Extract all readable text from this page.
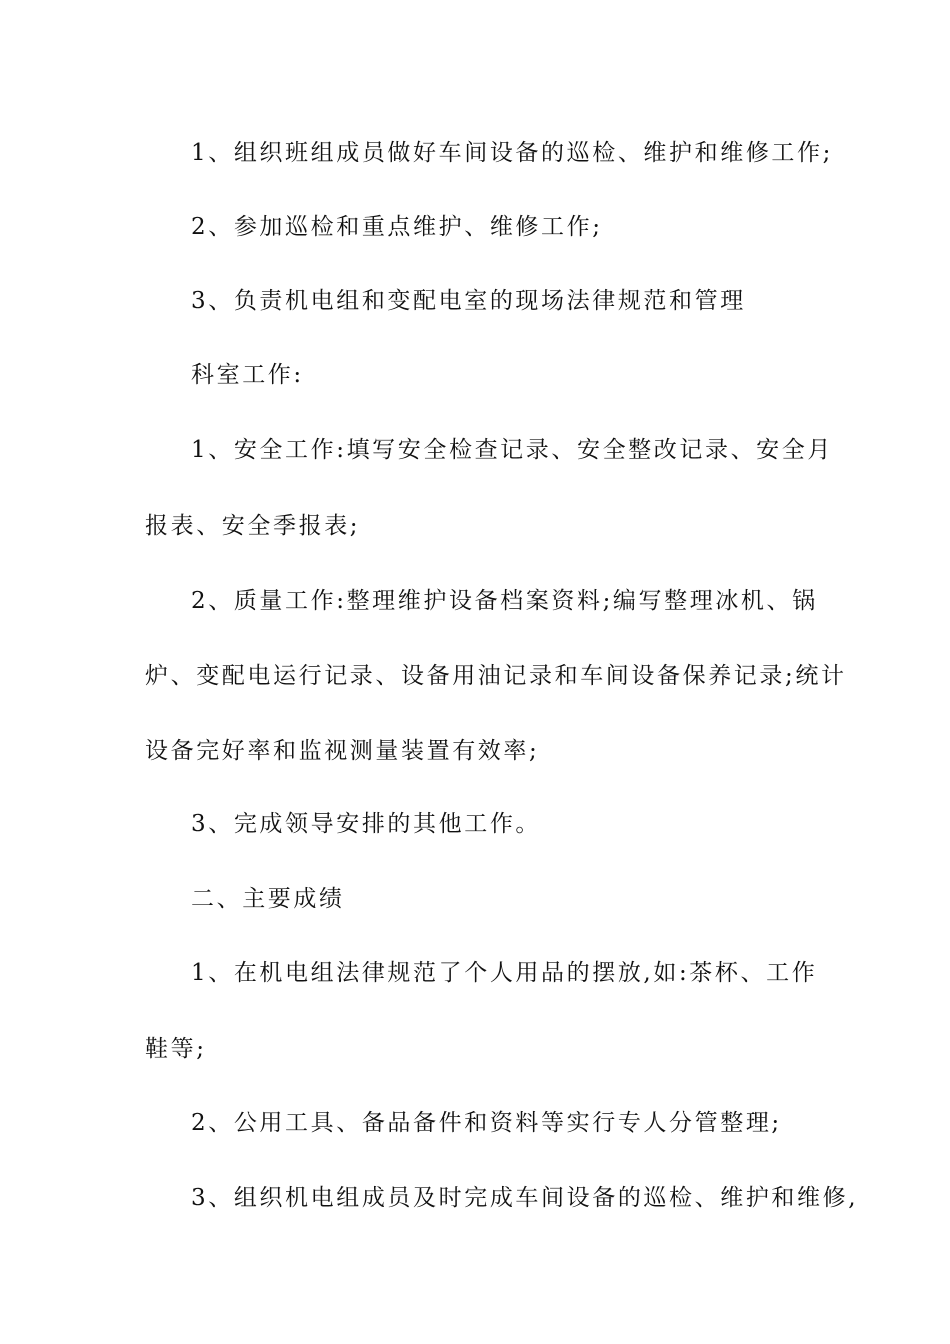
1、组织班组成员做好车间设备的巡检、维护和维修工作;
2、参加巡检和重点维护、维修工作;
3、负责机电组和变配电室的现场法律规范和管理
科室工作:
1、安全工作:填写安全检查记录、安全整改记录、安全月
报表、安全季报表;
2、质量工作:整理维护设备档案资料;编写整理冰机、锅
炉、变配电运行记录、设备用油记录和车间设备保养记录;统计
设备完好率和监视测量装置有效率;
3、完成领导安排的其他工作。
二、主要成绩
1、在机电组法律规范了个人用品的摆放,如:茶杯、工作
鞋等;
2、公用工具、备品备件和资料等实行专人分管整理;
3、组织机电组成员及时完成车间设备的巡检、维护和维修,
